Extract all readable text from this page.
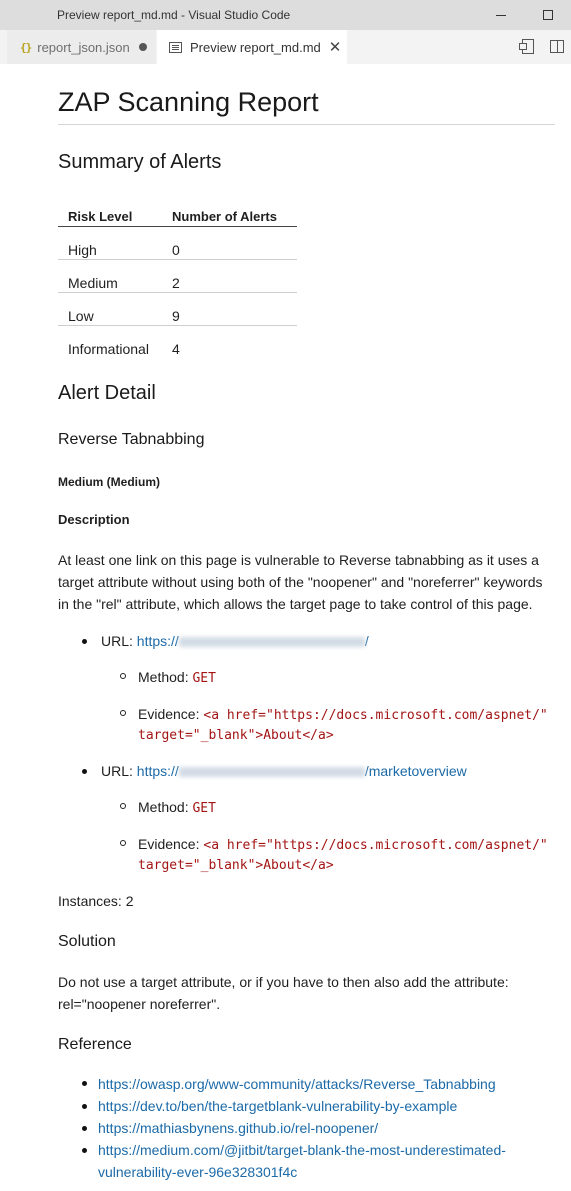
Preview report_md.md - Visual Studio Code
{} report_json.json	Preview report_md.md ✕
ZAP Scanning Report
Summary of Alerts
Risk Level	Number of Alerts
High	0
Medium	2
Low	9
Informational 4
Alert Detail
Reverse Tabnabbing
Medium (Medium)
Description
At least one link on this page is vulnerable to Reverse tabnabbing as it uses a target attribute without using both of the "noopener" and "noreferrer" keywords in the "rel" attribute, which allows the target page to take control of this page.
URL: https://	/
Method: GET
Evidence: <a href="https://docs.microsoft.com/aspnet/"
target="_blank">About</a>
URL: https://	/marketoverview
Method: GET
Evidence: <a href="https://docs.microsoft.com/aspnet/"
target="_blank">About</a>
Instances: 2
Solution
Do not use a target attribute, or if you have to then also add the attribute:
rel="noopener noreferrer".
Reference
https://owasp.org/www-community/attacks/Reverse_Tabnabbing
https://dev.to/ben/the-targetblank-vulnerability-by-example
https://mathiasbynens.github.io/rel-noopener/
https://medium.com/@jitbit/target-blank-the-most-underestimated-
vulnerability-ever-96e328301f4c
